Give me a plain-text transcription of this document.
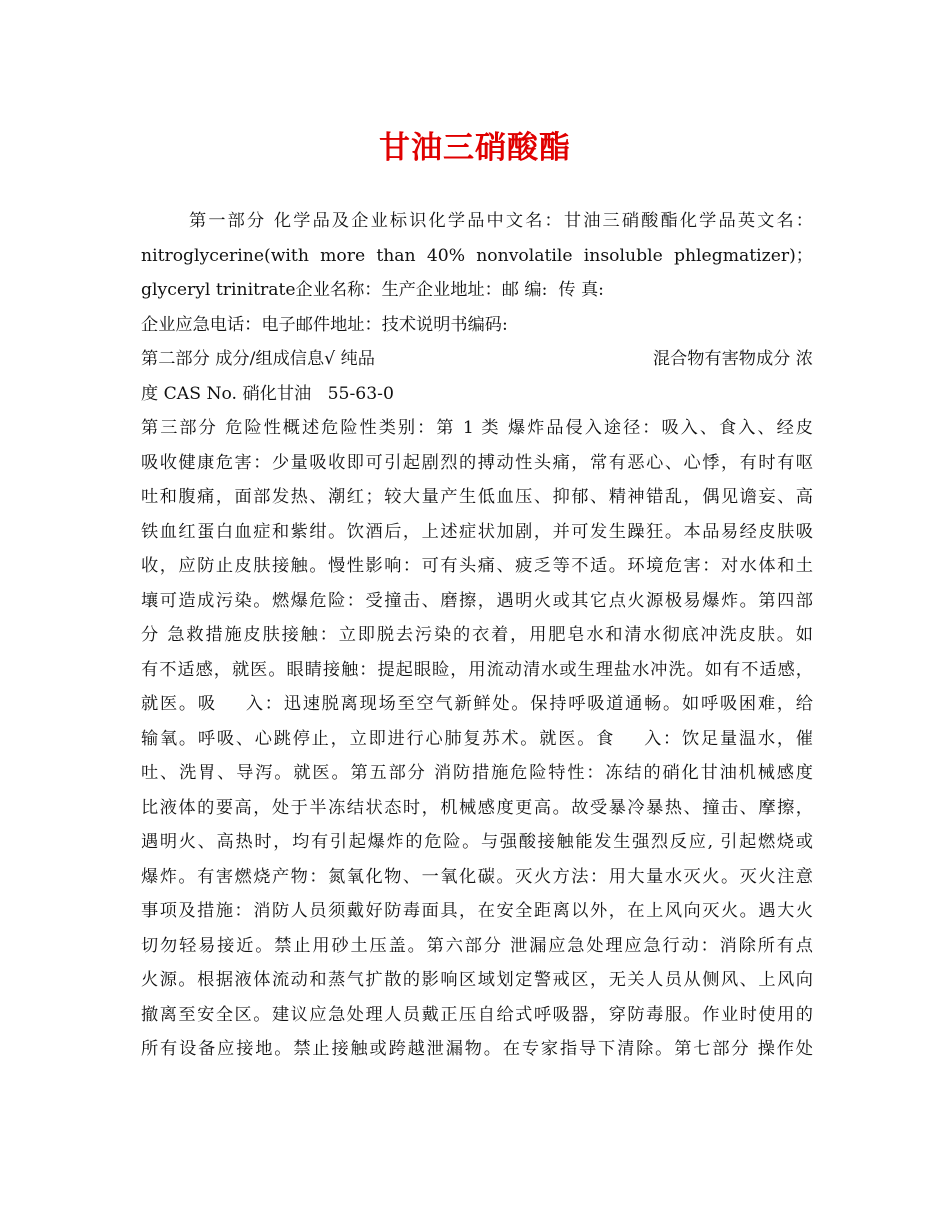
甘油三硝酸酯
第一部分 化学品及企业标识化学品中文名：甘油三硝酸酯化学品英文名：
nitroglycerine(with more than 40% nonvolatile insoluble phlegmatizer)；
glyceryl trinitrate企业名称：生产企业地址：邮 编:  传 真:
企业应急电话：电子邮件地址：技术说明书编码:
第二部分 成分/组成信息√ 纯品	混合物有害物成分 浓
度 CAS No. 硝化甘油   55-63-0
第三部分 危险性概述危险性类别：第 1 类 爆炸品侵入途径：吸入、食入、经皮
吸收健康危害：少量吸收即可引起剧烈的搏动性头痛，常有恶心、心悸，有时有呕
吐和腹痛，面部发热、潮红；较大量产生低血压、抑郁、精神错乱，偶见谵妄、高
铁血红蛋白血症和紫绀。饮酒后，上述症状加剧，并可发生躁狂。本品易经皮肤吸
收，应防止皮肤接触。慢性影响：可有头痛、疲乏等不适。环境危害：对水体和土
壤可造成污染。燃爆危险：受撞击、磨擦，遇明火或其它点火源极易爆炸。第四部
分 急救措施皮肤接触：立即脱去污染的衣着，用肥皂水和清水彻底冲洗皮肤。如
有不适感，就医。眼睛接触：提起眼睑，用流动清水或生理盐水冲洗。如有不适感，
就医。吸    入：迅速脱离现场至空气新鲜处。保持呼吸道通畅。如呼吸困难，给
输氧。呼吸、心跳停止，立即进行心肺复苏术。就医。食    入：饮足量温水，催
吐、洗胃、导泻。就医。第五部分 消防措施危险特性：冻结的硝化甘油机械感度
比液体的要高，处于半冻结状态时，机械感度更高。故受暴冷暴热、撞击、摩擦，
遇明火、高热时，均有引起爆炸的危险。与强酸接触能发生强烈反应, 引起燃烧或
爆炸。有害燃烧产物：氮氧化物、一氧化碳。灭火方法：用大量水灭火。灭火注意
事项及措施：消防人员须戴好防毒面具，在安全距离以外，在上风向灭火。遇大火
切勿轻易接近。禁止用砂土压盖。第六部分 泄漏应急处理应急行动：消除所有点
火源。根据液体流动和蒸气扩散的影响区域划定警戒区，无关人员从侧风、上风向
撤离至安全区。建议应急处理人员戴正压自给式呼吸器，穿防毒服。作业时使用的
所有设备应接地。禁止接触或跨越泄漏物。在专家指导下清除。第七部分 操作处
